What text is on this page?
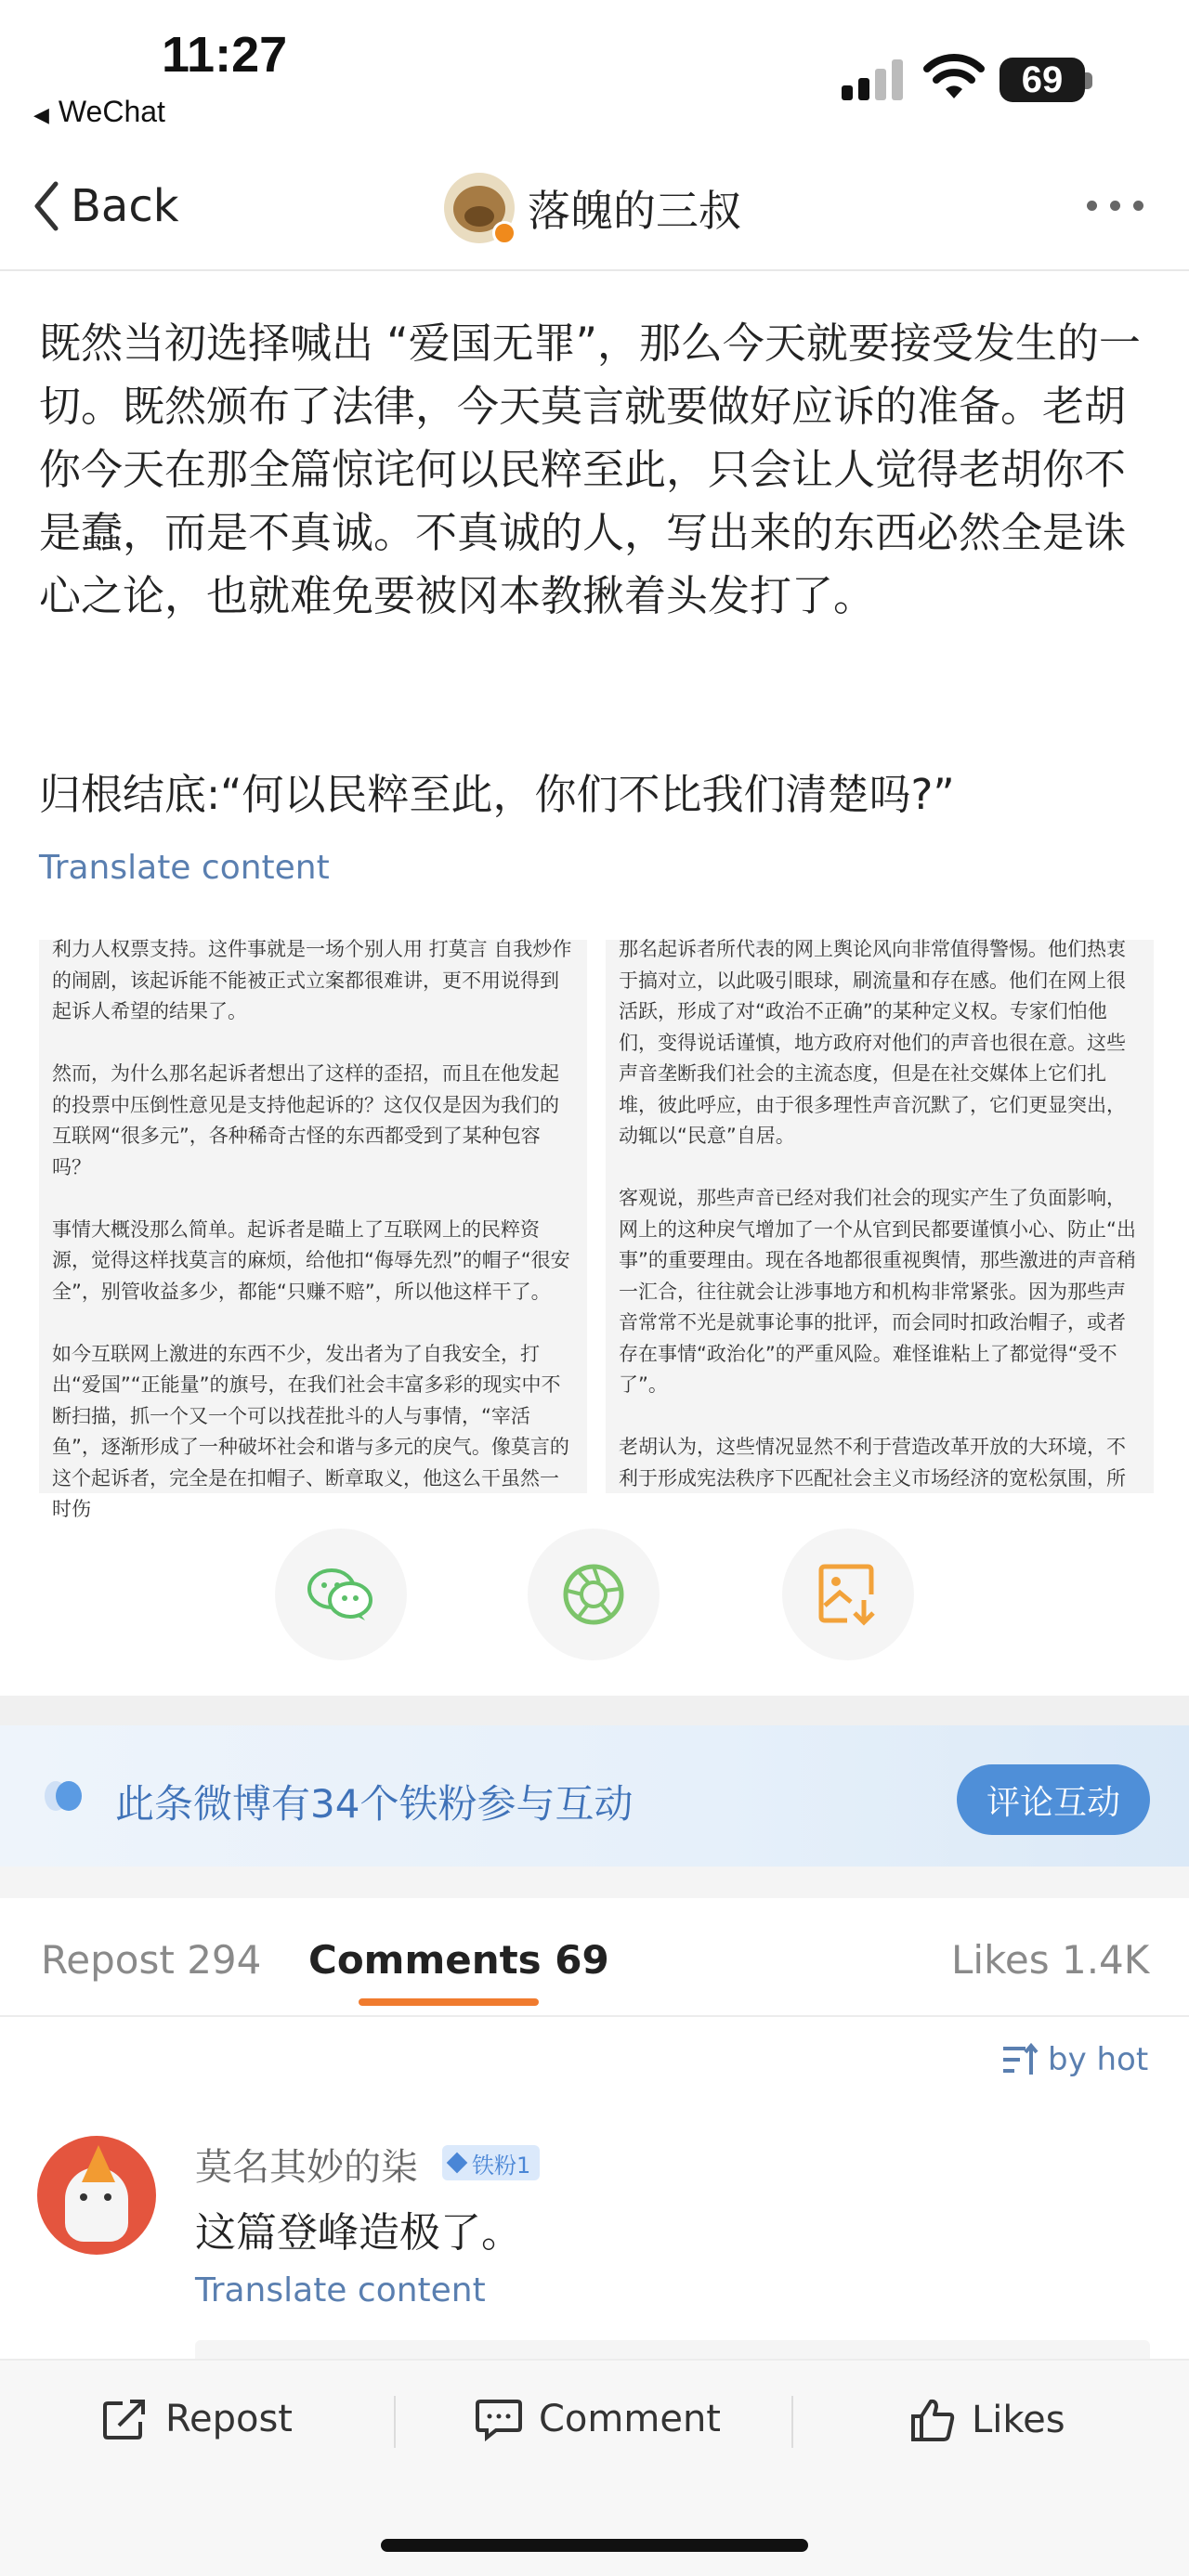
11:27
◀ WeChat
69
Back	落魄的三叔
既然当初选择喊出 “爱国无罪”，那么今天就要接受发生的一切。既然颁布了法律，今天莫言就要做好应诉的准备。老胡你今天在那全篇惊诧何以民粹至此，只会让人觉得老胡你不是蠢，而是不真诚。不真诚的人，写出来的东西必然全是诛心之论，也就难免要被冈本教揪着头发打了。
归根结底:“何以民粹至此，你们不比我们清楚吗?”
Translate content
利力人权票支持。这件事就是一场个别人用 打莫言 自我炒作的闹剧，该起诉能不能被正式立案都很难讲，更不用说得到起诉人希望的结果了。

然而，为什么那名起诉者想出了这样的歪招，而且在他发起的投票中压倒性意见是支持他起诉的？这仅仅是因为我们的互联网“很多元”，各种稀奇古怪的东西都受到了某种包容吗？

事情大概没那么简单。起诉者是瞄上了互联网上的民粹资源，觉得这样找莫言的麻烦，给他扣“侮辱先烈”的帽子“很安全”，别管收益多少，都能“只赚不赔”，所以他这样干了。

如今互联网上激进的东西不少，发出者为了自我安全，打出“爱国”“正能量”的旗号，在我们社会丰富多彩的现实中不断扫描，抓一个又一个可以找茬批斗的人与事情，“宰活鱼”，逐渐形成了一种破坏社会和谐与多元的戾气。像莫言的这个起诉者，完全是在扣帽子、断章取义，他这么干虽然一时伤
那名起诉者所代表的网上舆论风向非常值得警惕。他们热衷于搞对立，以此吸引眼球，刷流量和存在感。他们在网上很活跃，形成了对“政治不正确”的某种定义权。专家们怕他们，变得说话谨慎，地方政府对他们的声音也很在意。这些声音垄断我们社会的主流态度，但是在社交媒体上它们扎堆，彼此呼应，由于很多理性声音沉默了，它们更显突出，动辄以“民意”自居。

客观说，那些声音已经对我们社会的现实产生了负面影响，网上的这种戾气增加了一个从官到民都要谨慎小心、防止“出事”的重要理由。现在各地都很重视舆情，那些激进的声音稍一汇合，往往就会让涉事地方和机构非常紧张。因为那些声音常常不光是就事论事的批评，而会同时扣政治帽子，或者存在事情“政治化”的严重风险。难怪谁粘上了都觉得“受不了”。

老胡认为，这些情况显然不利于营造改革开放的大环境，不利于形成宪法秩序下匹配社会主义市场经济的宽松氛围，所
此条微博有34个铁粉参与互动	评论互动
Repost 294 Comments 69	Likes 1.4K
by hot
莫名其妙的柒 铁粉1
这篇登峰造极了。
Translate content
Repost	Comment	Likes
